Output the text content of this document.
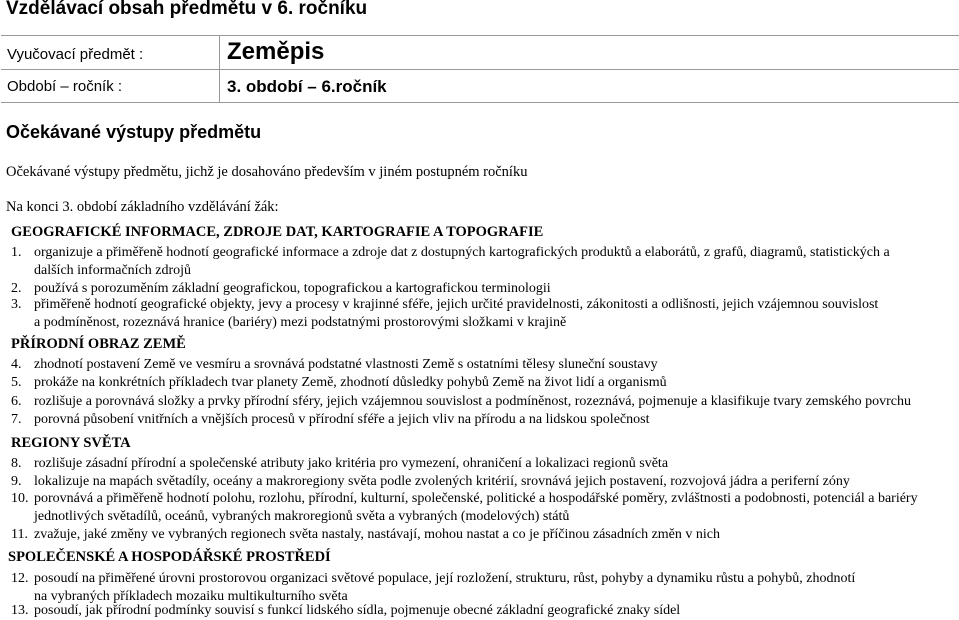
Vzdělávací obsah předmětu v 6. ročníku
Vyučovací předmět :	Zeměpis
Období – ročník :	3. období – 6.ročník
Očekávané výstupy předmětu
Očekávané výstupy předmětu, jichž je dosahováno především v jiném postupném ročníku
Na konci 3. období základního vzdělávání žák:
GEOGRAFICKÉ INFORMACE, ZDROJE DAT, KARTOGRAFIE A TOPOGRAFIE
1. organizuje a přiměřeně hodnotí geografické informace a zdroje dat z dostupných kartografických produktů a elaborátů, z grafů, diagramů, statistických a
dalších informačních zdrojů
2. používá s porozuměním základní geografickou, topografickou a kartografickou terminologii
3. přiměřeně hodnotí geografické objekty, jevy a procesy v krajinné sféře, jejich určité pravidelnosti, zákonitosti a odlišnosti, jejich vzájemnou souvislost
a podmíněnost, rozeznává hranice (bariéry) mezi podstatnými prostorovými složkami v krajině
PŘÍRODNÍ OBRAZ ZEMĚ
4. zhodnotí postavení Země ve vesmíru a srovnává podstatné vlastnosti Země s ostatními tělesy sluneční soustavy
5. prokáže na konkrétních příkladech tvar planety Země, zhodnotí důsledky pohybů Země na život lidí a organismů
6. rozlišuje a porovnává složky a prvky přírodní sféry, jejich vzájemnou souvislost a podmíněnost, rozeznává, pojmenuje a klasifikuje tvary zemského povrchu
7. porovná působení vnitřních a vnějších procesů v přírodní sféře a jejich vliv na přírodu a na lidskou společnost
REGIONY SVĚTA
8. rozlišuje zásadní přírodní a společenské atributy jako kritéria pro vymezení, ohraničení a lokalizaci regionů světa
9. lokalizuje na mapách světadíly, oceány a makroregiony světa podle zvolených kritérií, srovnává jejich postavení, rozvojová jádra a periferní zóny
10. porovnává a přiměřeně hodnotí polohu, rozlohu, přírodní, kulturní, společenské, politické a hospodářské poměry, zvláštnosti a podobnosti, potenciál a bariéry
jednotlivých světadílů, oceánů, vybraných makroregionů světa a vybraných (modelových) států
11. zvažuje, jaké změny ve vybraných regionech světa nastaly, nastávají, mohou nastat a co je příčinou zásadních změn v nich
SPOLEČENSKÉ A HOSPODÁŘSKÉ PROSTŘEDÍ
12. posoudí na přiměřené úrovni prostorovou organizaci světové populace, její rozložení, strukturu, růst, pohyby a dynamiku růstu a pohybů, zhodnotí
na vybraných příkladech mozaiku multikulturního světa
13. posoudí, jak přírodní podmínky souvisí s funkcí lidského sídla, pojmenuje obecné základní geografické znaky sídel
